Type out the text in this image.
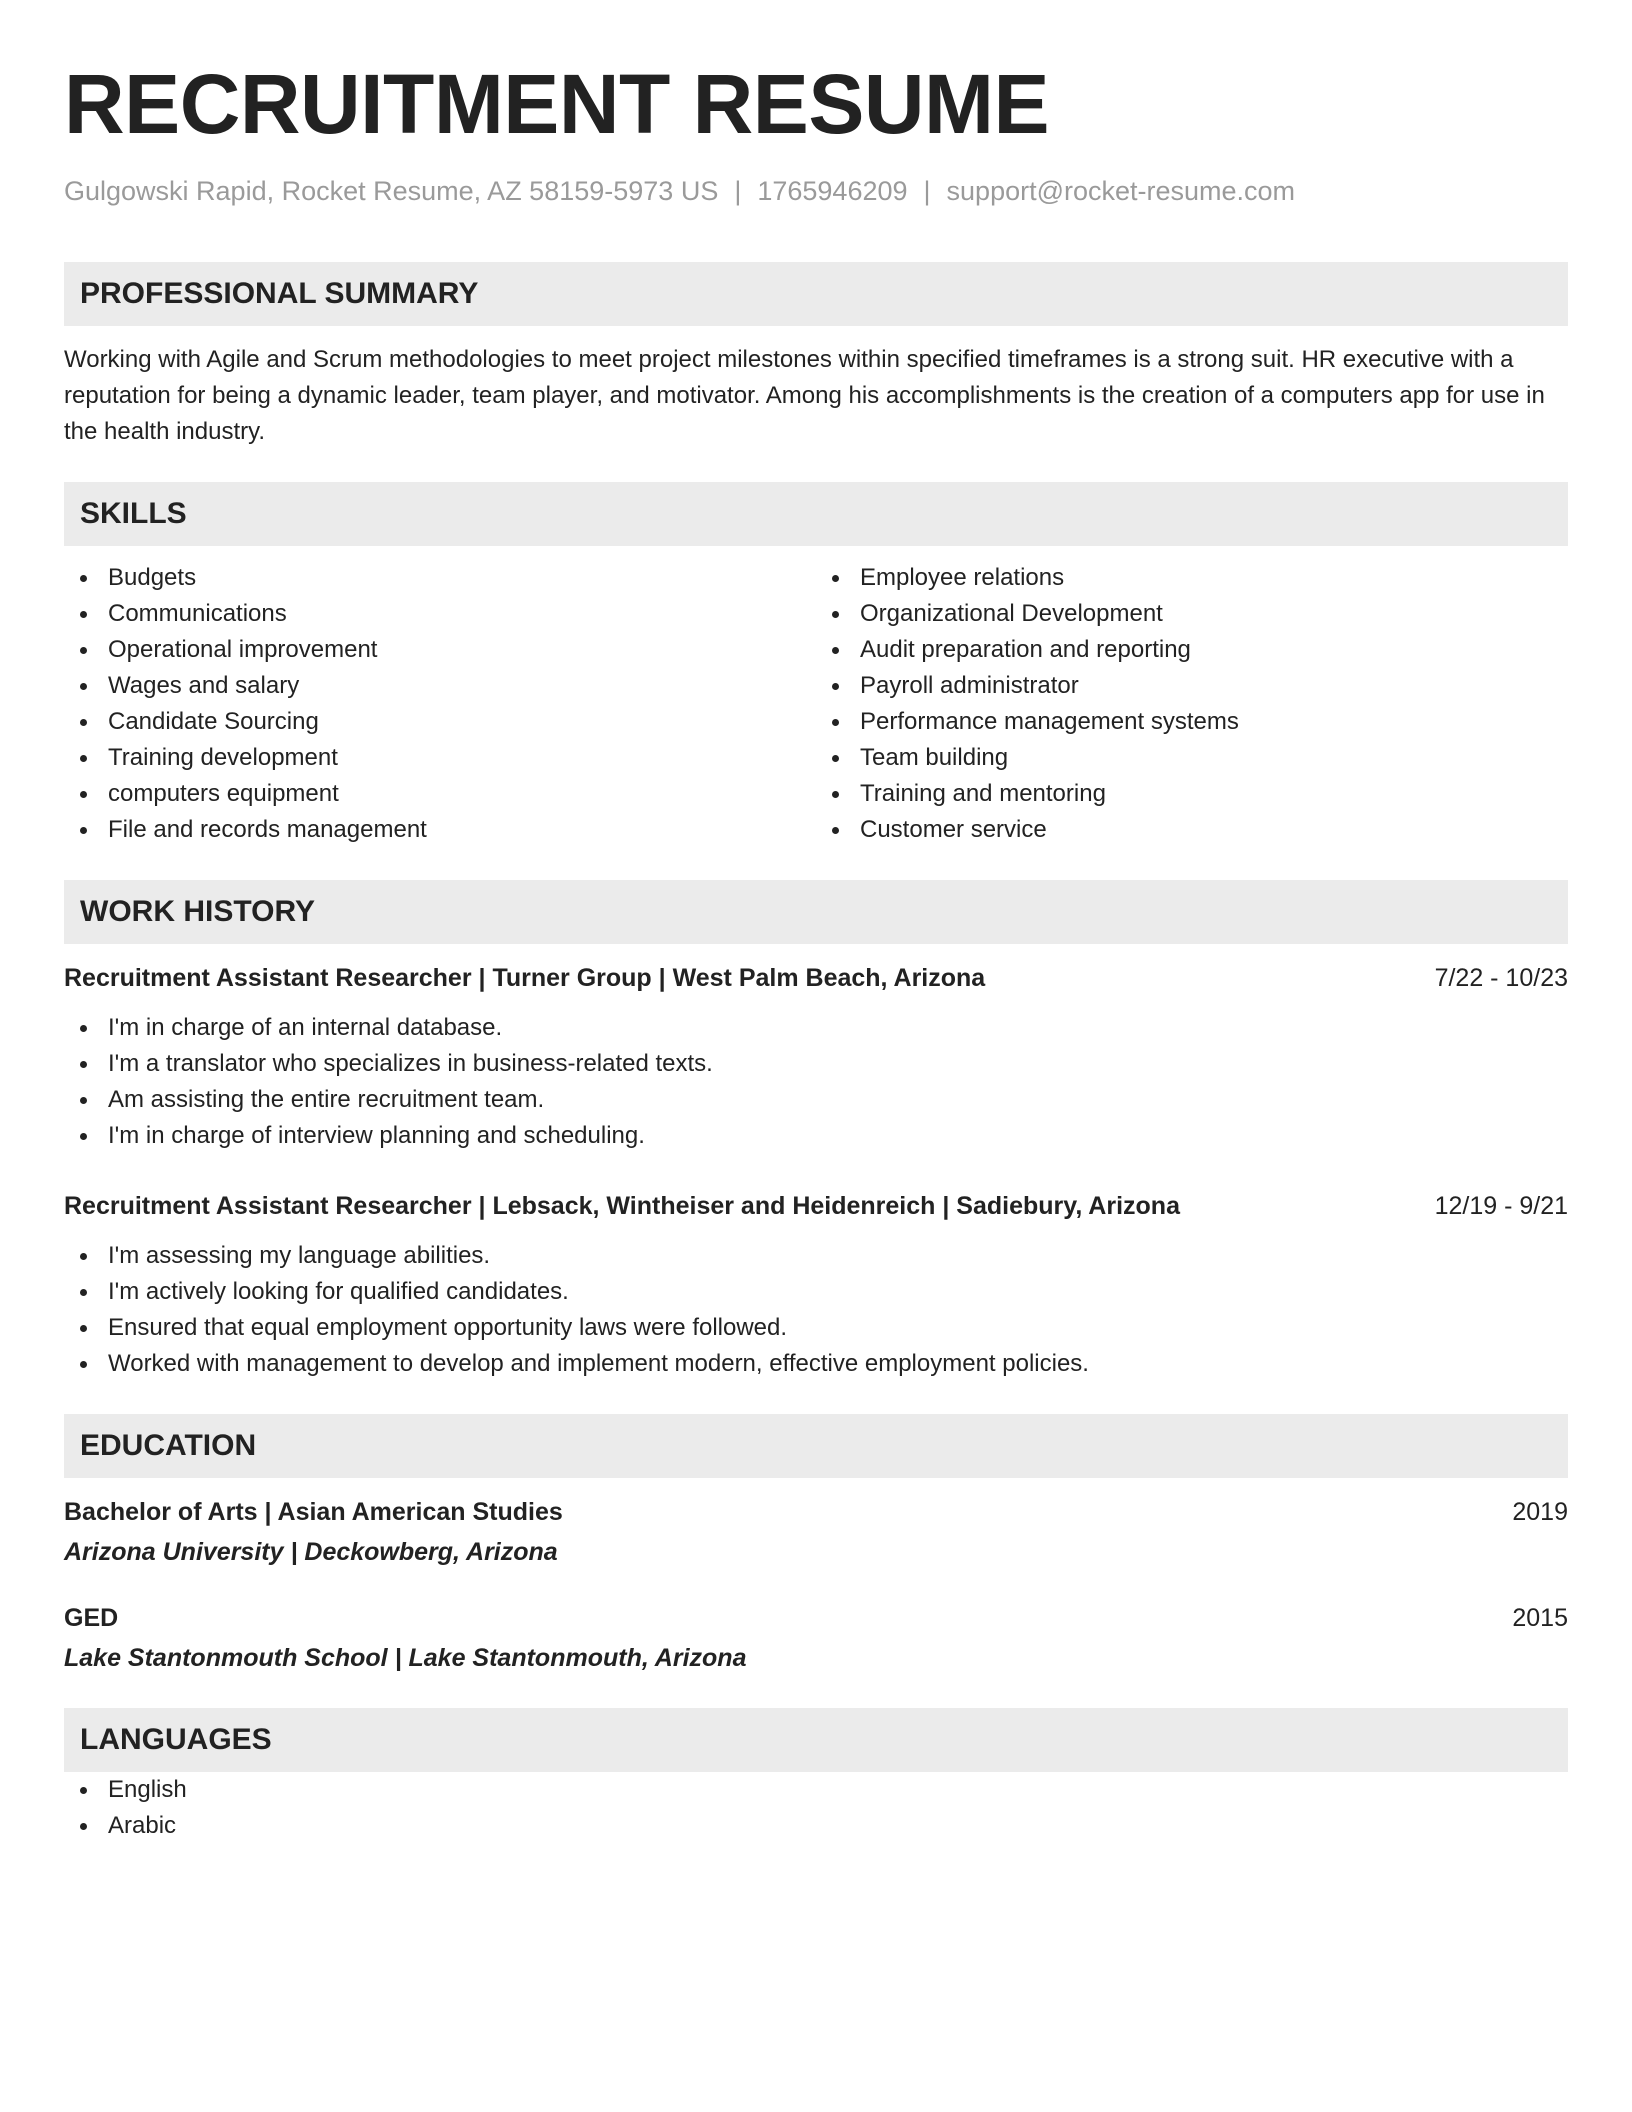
RECRUITMENT RESUME
Gulgowski Rapid, Rocket Resume, AZ 58159-5973 US | 1765946209 | support@rocket-resume.com
PROFESSIONAL SUMMARY
Working with Agile and Scrum methodologies to meet project milestones within specified timeframes is a strong suit. HR executive with a reputation for being a dynamic leader, team player, and motivator. Among his accomplishments is the creation of a computers app for use in the health industry.
SKILLS
Budgets
Communications
Operational improvement
Wages and salary
Candidate Sourcing
Training development
computers equipment
File and records management
Employee relations
Organizational Development
Audit preparation and reporting
Payroll administrator
Performance management systems
Team building
Training and mentoring
Customer service
WORK HISTORY
Recruitment Assistant Researcher | Turner Group | West Palm Beach, Arizona	7/22 - 10/23
I'm in charge of an internal database.
I'm a translator who specializes in business-related texts.
Am assisting the entire recruitment team.
I'm in charge of interview planning and scheduling.
Recruitment Assistant Researcher | Lebsack, Wintheiser and Heidenreich | Sadiebury, Arizona	12/19 - 9/21
I'm assessing my language abilities.
I'm actively looking for qualified candidates.
Ensured that equal employment opportunity laws were followed.
Worked with management to develop and implement modern, effective employment policies.
EDUCATION
Bachelor of Arts | Asian American Studies	2019
Arizona University | Deckowberg, Arizona
GED	2015
Lake Stantonmouth School | Lake Stantonmouth, Arizona
LANGUAGES
English
Arabic
